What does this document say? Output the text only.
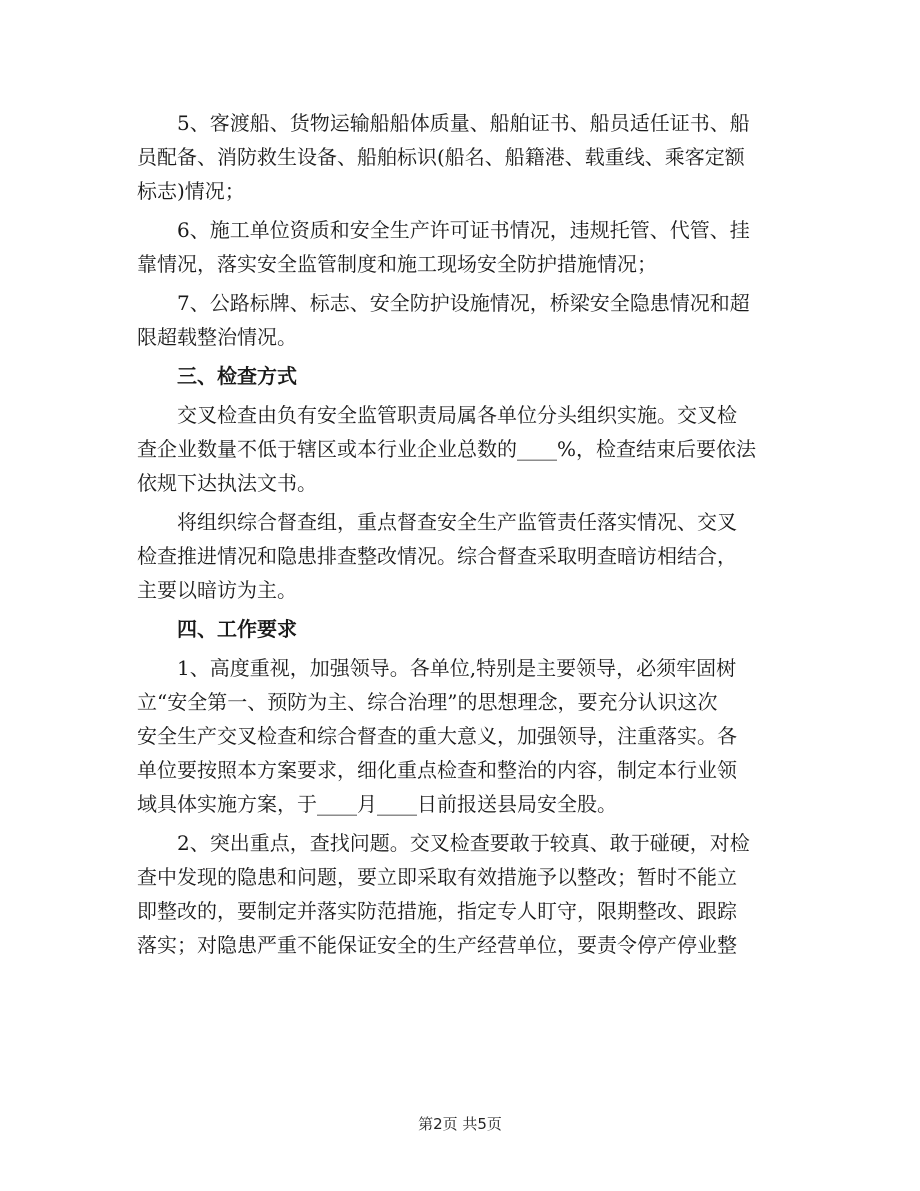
5、客渡船、货物运输船船体质量、船舶证书、船员适任证书、船
员配备、消防救生设备、船舶标识(船名、船籍港、载重线、乘客定额
标志)情况；
6、施工单位资质和安全生产许可证书情况，违规托管、代管、挂
靠情况，落实安全监管制度和施工现场安全防护措施情况；
7、公路标牌、标志、安全防护设施情况，桥梁安全隐患情况和超
限超载整治情况。
三、检查方式
交叉检查由负有安全监管职责局属各单位分头组织实施。交叉检
查企业数量不低于辖区或本行业企业总数的____%，检查结束后要依法
依规下达执法文书。
将组织综合督查组，重点督查安全生产监管责任落实情况、交叉
检查推进情况和隐患排查整改情况。综合督查采取明查暗访相结合，
主要以暗访为主。
四、工作要求
1、高度重视，加强领导。各单位,特别是主要领导，必须牢固树
立“安全第一、预防为主、综合治理”的思想理念，要充分认识这次
安全生产交叉检查和综合督查的重大意义，加强领导，注重落实。各
单位要按照本方案要求，细化重点检查和整治的内容，制定本行业领
域具体实施方案，于____月____日前报送县局安全股。
2、突出重点，查找问题。交叉检查要敢于较真、敢于碰硬，对检
查中发现的隐患和问题，要立即采取有效措施予以整改；暂时不能立
即整改的，要制定并落实防范措施，指定专人盯守，限期整改、跟踪
落实；对隐患严重不能保证安全的生产经营单位，要责令停产停业整
第2页 共5页
